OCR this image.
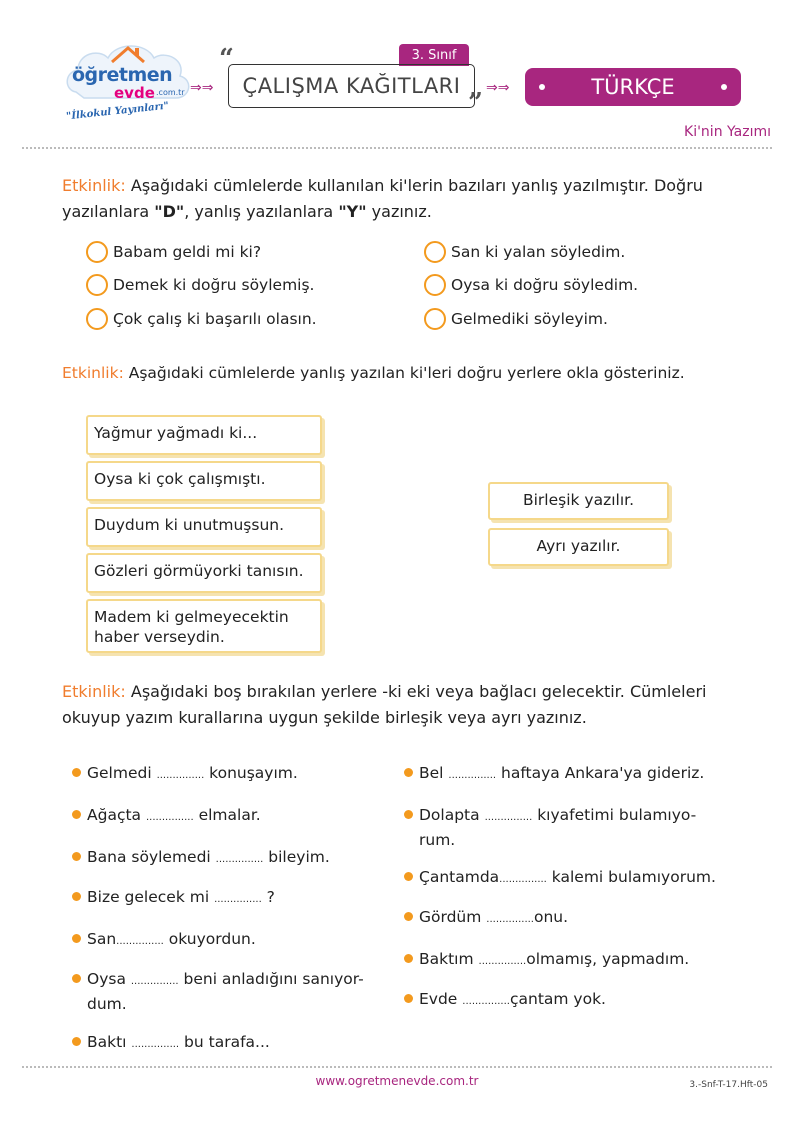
öğretmen
evde .com.tr
"İlkokul Yayınları"
⇒⇒
“	3. Sınıf
ÇALIŞMA KAĞITLARI
” ⇒⇒	TÜRKÇE
Ki'nin Yazımı
Etkinlik: Aşağıdaki cümlelerde kullanılan ki'lerin bazıları yanlış yazılmıştır. Doğru
yazılanlara "D", yanlış yazılanlara "Y" yazınız.
Babam geldi mi ki?
Demek ki doğru söylemiş.
Çok çalış ki başarılı olasın.
San ki yalan söyledim.
Oysa ki doğru söyledim.
Gelmediki söyleyim.
Etkinlik: Aşağıdaki cümlelerde yanlış yazılan ki'leri doğru yerlere okla gösteriniz.
Yağmur yağmadı ki...
Oysa ki çok çalışmıştı.
Duydum ki unutmuşsun.
Gözleri görmüyorki tanısın.
Madem ki gelmeyecektin
haber verseydin.
Birleşik yazılır.
Ayrı yazılır.
Etkinlik: Aşağıdaki boş bırakılan yerlere -ki eki veya bağlacı gelecektir. Cümleleri
okuyup yazım kurallarına uygun şekilde birleşik veya ayrı yazınız.
Gelmedi ............... konuşayım.
Ağaçta ............... elmalar.
Bana söylemedi ............... bileyim.
Bize gelecek mi ............... ?
San............... okuyordun.
Oysa ............... beni anladığını sanıyor-
dum.
Baktı ............... bu tarafa...
Bel ............... haftaya Ankara'ya gideriz.
Dolapta ............... kıyafetimi bulamıyo-
rum.
Çantamda............... kalemi bulamıyorum.
Gördüm ...............onu.
Baktım ...............olmamış, yapmadım.
Evde ...............çantam yok.
www.ogretmenevde.com.tr	3.-Snf-T-17.Hft-05
